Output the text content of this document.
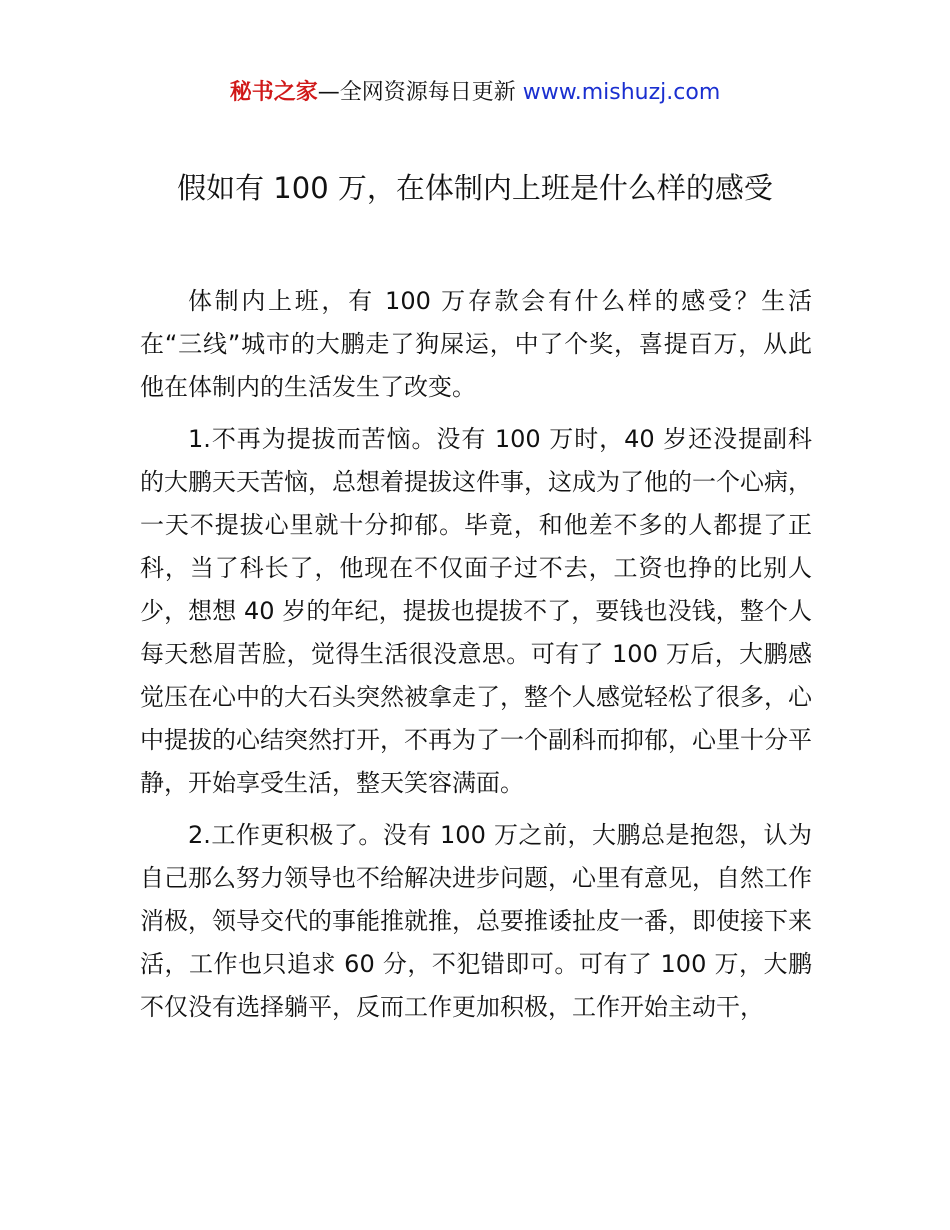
秘书之家—全网资源每日更新 www.mishuzj.com
假如有 100 万，在体制内上班是什么样的感受

体制内上班，有 100 万存款会有什么样的感受？生活在“三线”城市的大鹏走了狗屎运，中了个奖，喜提百万，从此他在体制内的生活发生了改变。

1.不再为提拔而苦恼。没有 100 万时，40 岁还没提副科的大鹏天天苦恼，总想着提拔这件事，这成为了他的一个心病，一天不提拔心里就十分抑郁。毕竟，和他差不多的人都提了正科，当了科长了，他现在不仅面子过不去，工资也挣的比别人少，想想 40 岁的年纪，提拔也提拔不了，要钱也没钱，整个人每天愁眉苦脸，觉得生活很没意思。可有了 100 万后，大鹏感觉压在心中的大石头突然被拿走了，整个人感觉轻松了很多，心中提拔的心结突然打开，不再为了一个副科而抑郁，心里十分平静，开始享受生活，整天笑容满面。

2.工作更积极了。没有 100 万之前，大鹏总是抱怨，认为自己那么努力领导也不给解决进步问题，心里有意见，自然工作消极，领导交代的事能推就推，总要推诿扯皮一番，即使接下来活，工作也只追求 60 分，不犯错即可。可有了 100 万，大鹏不仅没有选择躺平，反而工作更加积极，工作开始主动干，
